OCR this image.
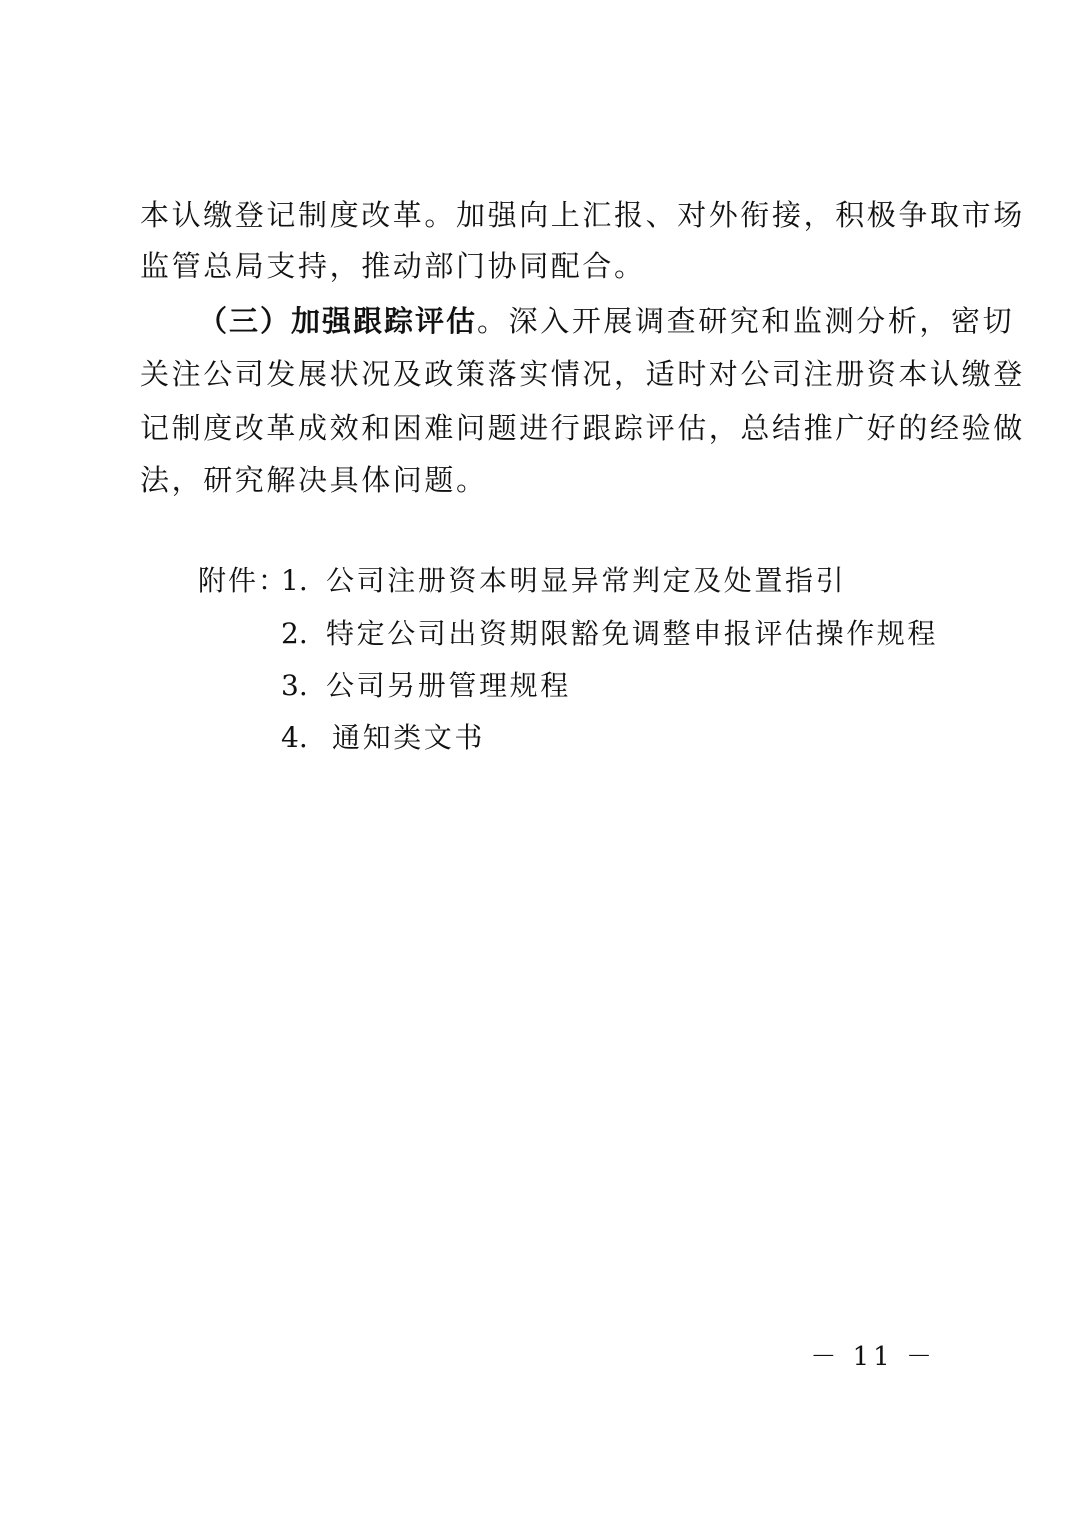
本认缴登记制度改革。加强向上汇报、对外衔接，积极争取市场
监管总局支持，推动部门协同配合。
（三）加强跟踪评估。深入开展调查研究和监测分析，密切
关注公司发展状况及政策落实情况，适时对公司注册资本认缴登
记制度改革成效和困难问题进行跟踪评估，总结推广好的经验做
法，研究解决具体问题。
附件：
1. 公司注册资本明显异常判定及处置指引
2. 特定公司出资期限豁免调整申报评估操作规程
3. 公司另册管理规程
4. 通知类文书
－ 11 －
